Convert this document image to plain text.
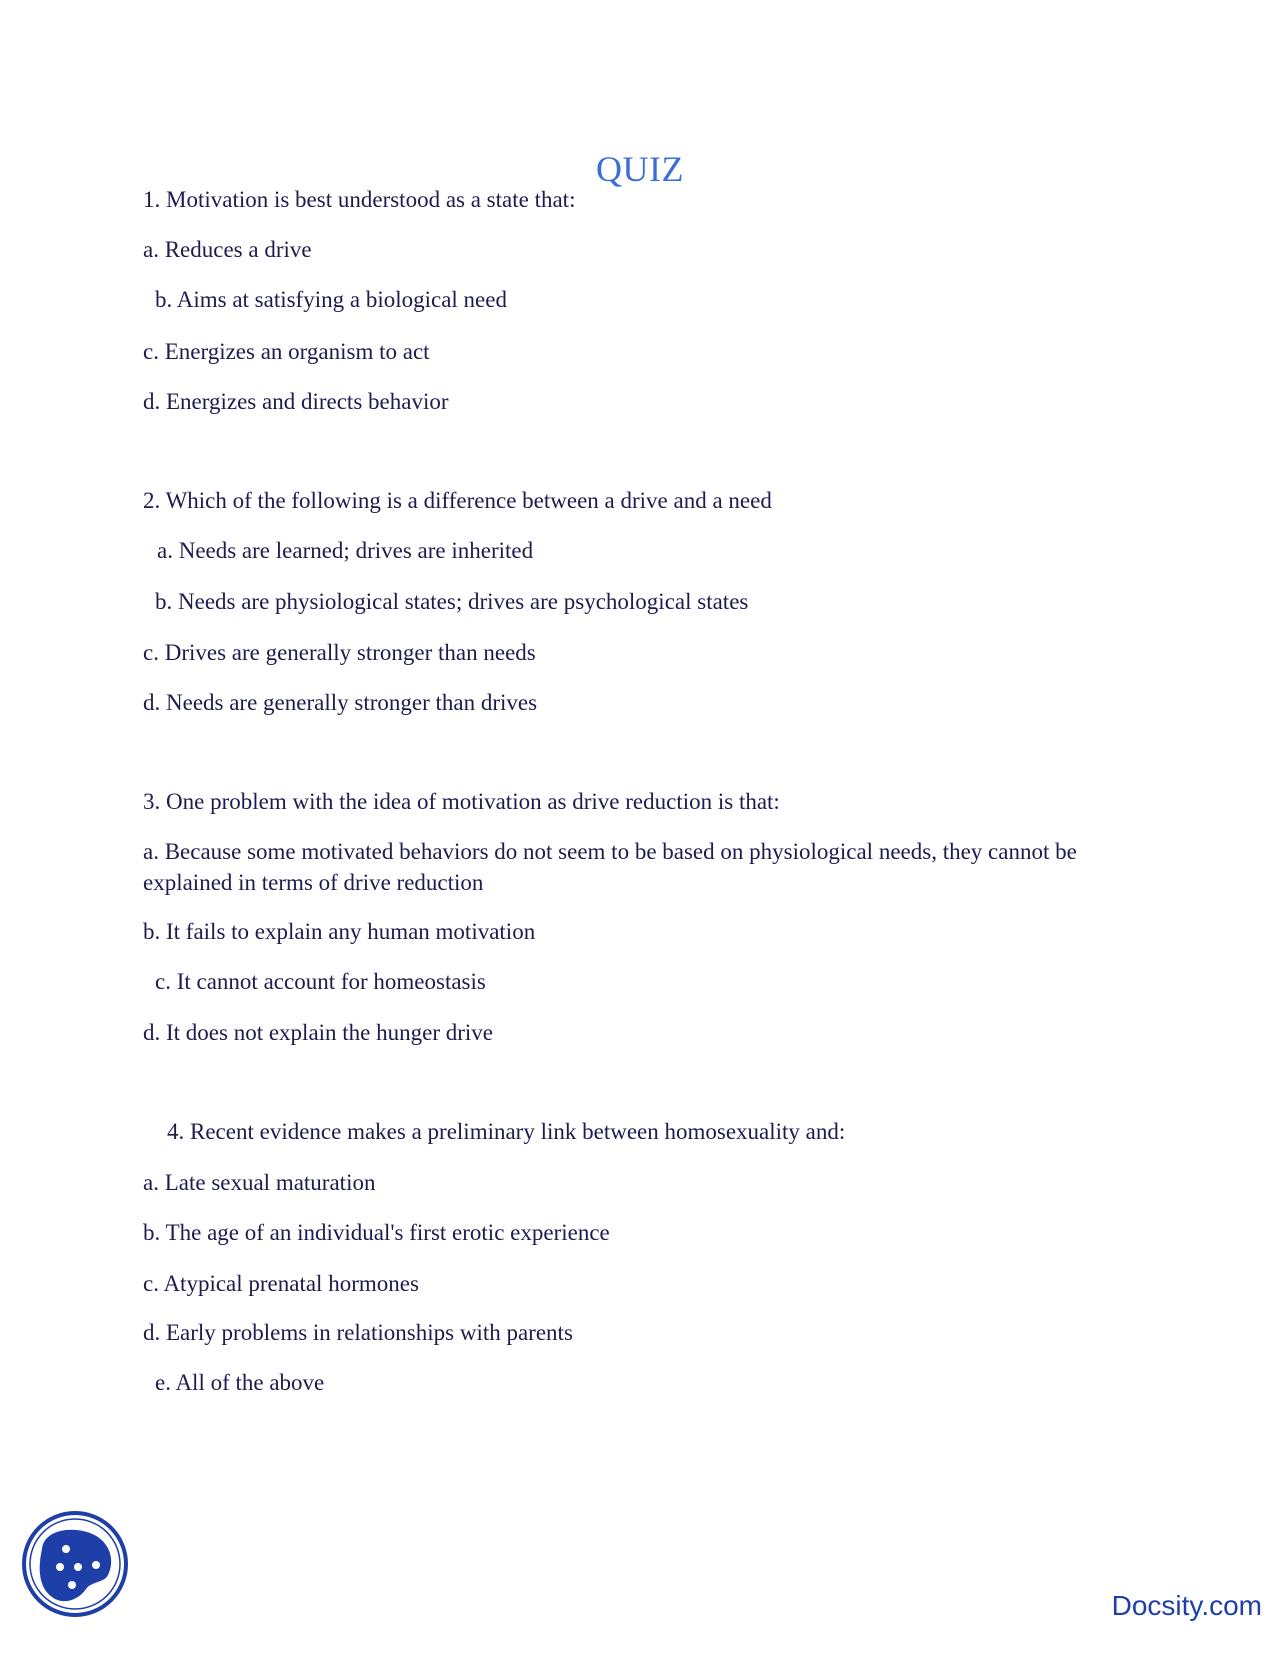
QUIZ
1. Motivation is best understood as a state that:
a. Reduces a drive
b. Aims at satisfying a biological need
c. Energizes an organism to act
d. Energizes and directs behavior
2. Which of the following is a difference between a drive and a need
a. Needs are learned; drives are inherited
b. Needs are physiological states; drives are psychological states
c. Drives are generally stronger than needs
d. Needs are generally stronger than drives
3. One problem with the idea of motivation as drive reduction is that:
a. Because some motivated behaviors do not seem to be based on physiological needs, they cannot be explained in terms of drive reduction
b. It fails to explain any human motivation
c. It cannot account for homeostasis
d. It does not explain the hunger drive
4. Recent evidence makes a preliminary link between homosexuality and:
a. Late sexual maturation
b. The age of an individual's first erotic experience
c. Atypical prenatal hormones
d. Early problems in relationships with parents
e. All of the above
Docsity.com
